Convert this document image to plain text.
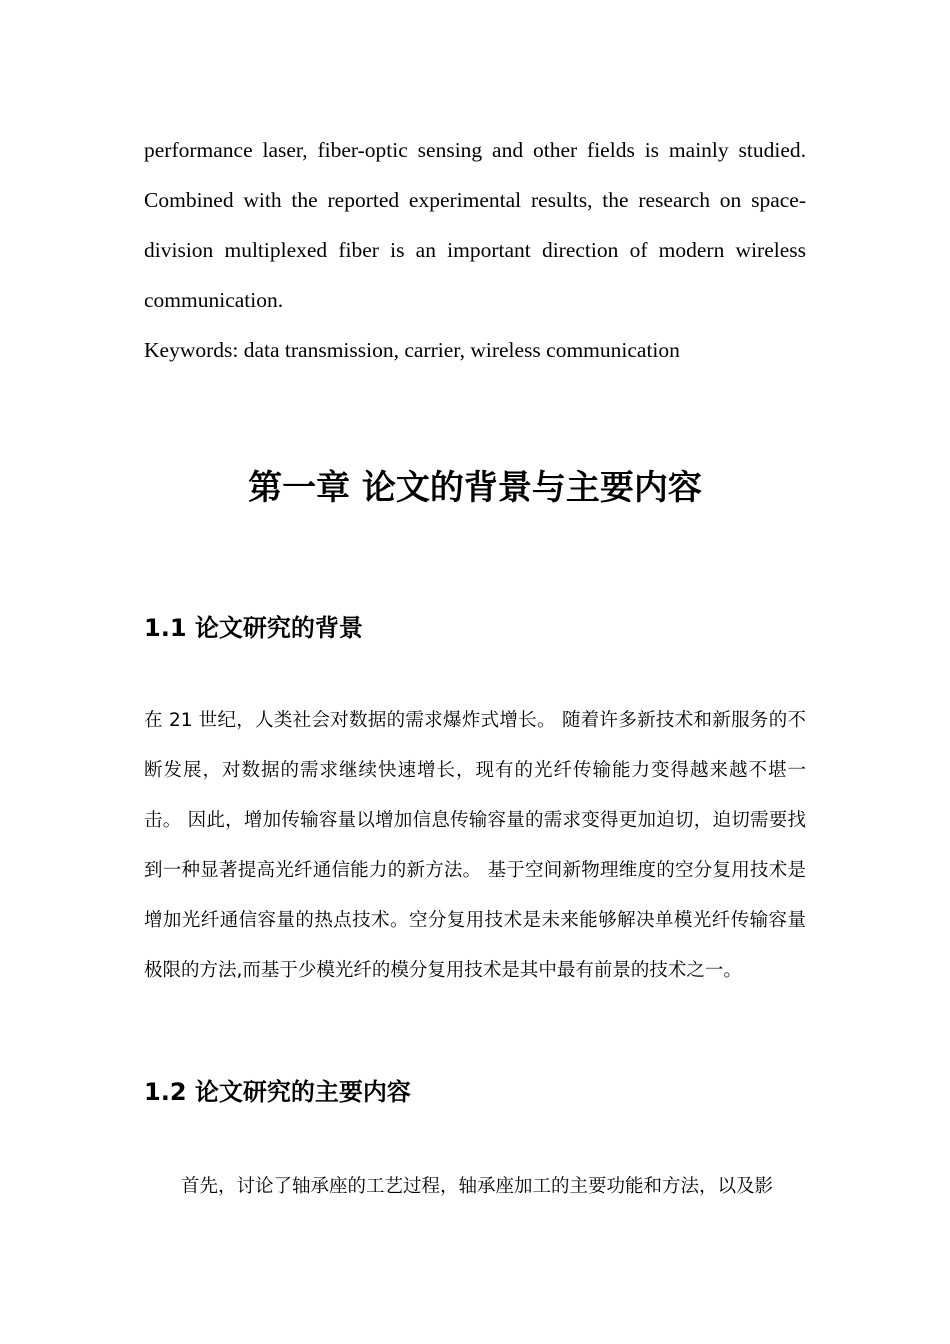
performance laser, fiber-optic sensing and other fields is mainly studied. Combined with the reported experimental results, the research on space-division multiplexed fiber is an important direction of modern wireless communication.

Keywords: data transmission, carrier, wireless communication

第一章 论文的背景与主要内容
1.1 论文研究的背景

在 21 世纪，人类社会对数据的需求爆炸式增长。 随着许多新技术和新服务的不断发展，对数据的需求继续快速增长，现有的光纤传输能力变得越来越不堪一击。 因此，增加传输容量以增加信息传输容量的需求变得更加迫切，迫切需要找到一种显著提高光纤通信能力的新方法。 基于空间新物理维度的空分复用技术是增加光纤通信容量的热点技术。空分复用技术是未来能够解决单模光纤传输容量极限的方法,而基于少模光纤的模分复用技术是其中最有前景的技术之一。

1.2 论文研究的主要内容

首先，讨论了轴承座的工艺过程，轴承座加工的主要功能和方法，以及影
